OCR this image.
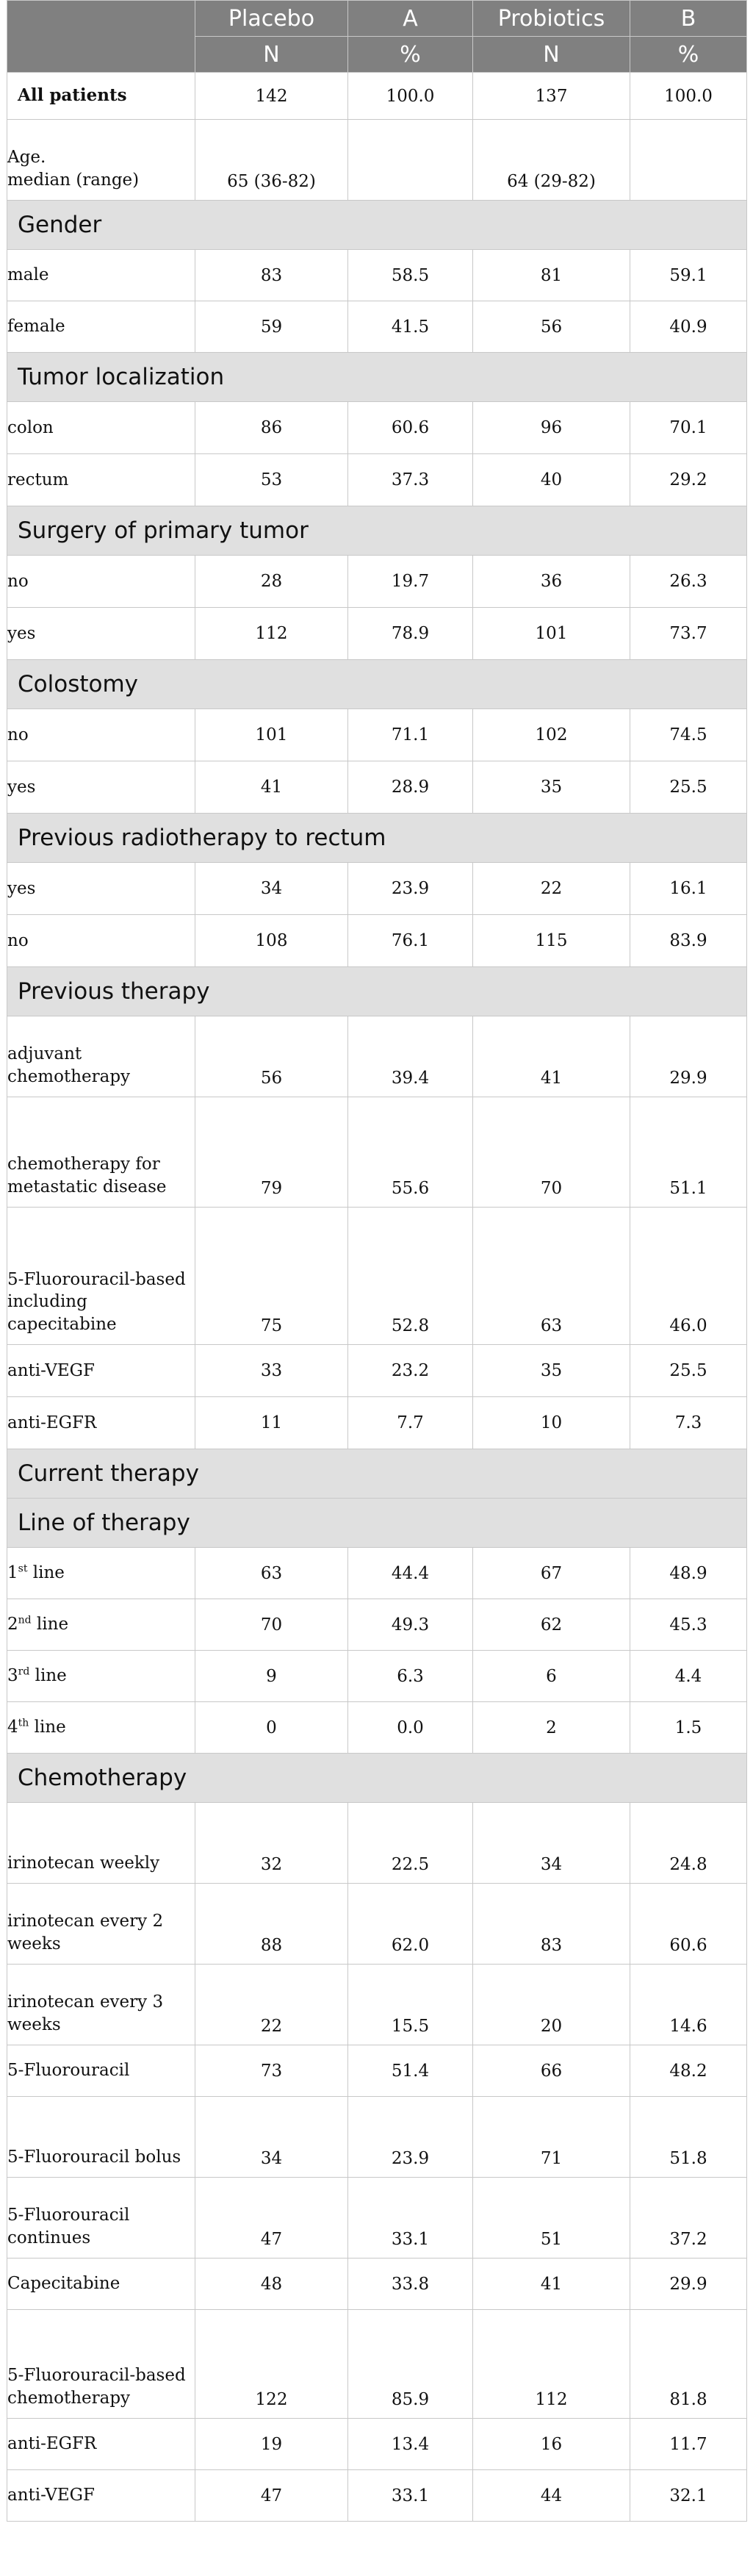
	Placebo	A	Probiotics	B
	N	%	N	%
All patients	142	100.0	137	100.0
Age.
median (range)	65 (36-82)		64 (29-82)	
Gender				
male	83	58.5	81	59.1
female	59	41.5	56	40.9
Tumor localization				
colon	86	60.6	96	70.1
rectum	53	37.3	40	29.2
Surgery of primary tumor				
no	28	19.7	36	26.3
yes	112	78.9	101	73.7
Colostomy				
no	101	71.1	102	74.5
yes	41	28.9	35	25.5
Previous radiotherapy to rectum				
yes	34	23.9	22	16.1
no	108	76.1	115	83.9
Previous therapy				
adjuvant chemotherapy	56	39.4	41	29.9
chemotherapy for metastatic disease	79	55.6	70	51.1
5-Fluorouracil-based including capecitabine	75	52.8	63	46.0
anti-VEGF	33	23.2	35	25.5
anti-EGFR	11	7.7	10	7.3
Current therapy				
Line of therapy				
1st line	63	44.4	67	48.9
2nd line	70	49.3	62	45.3
3rd line	9	6.3	6	4.4
4th line	0	0.0	2	1.5
Chemotherapy				
irinotecan weekly	32	22.5	34	24.8
irinotecan every 2 weeks	88	62.0	83	60.6
irinotecan every 3 weeks	22	15.5	20	14.6
5-Fluorouracil	73	51.4	66	48.2
5-Fluorouracil bolus	34	23.9	71	51.8
5-Fluorouracil continues	47	33.1	51	37.2
Capecitabine	48	33.8	41	29.9
5-Fluorouracil-based chemotherapy	122	85.9	112	81.8
anti-EGFR	19	13.4	16	11.7
anti-VEGF	47	33.1	44	32.1
